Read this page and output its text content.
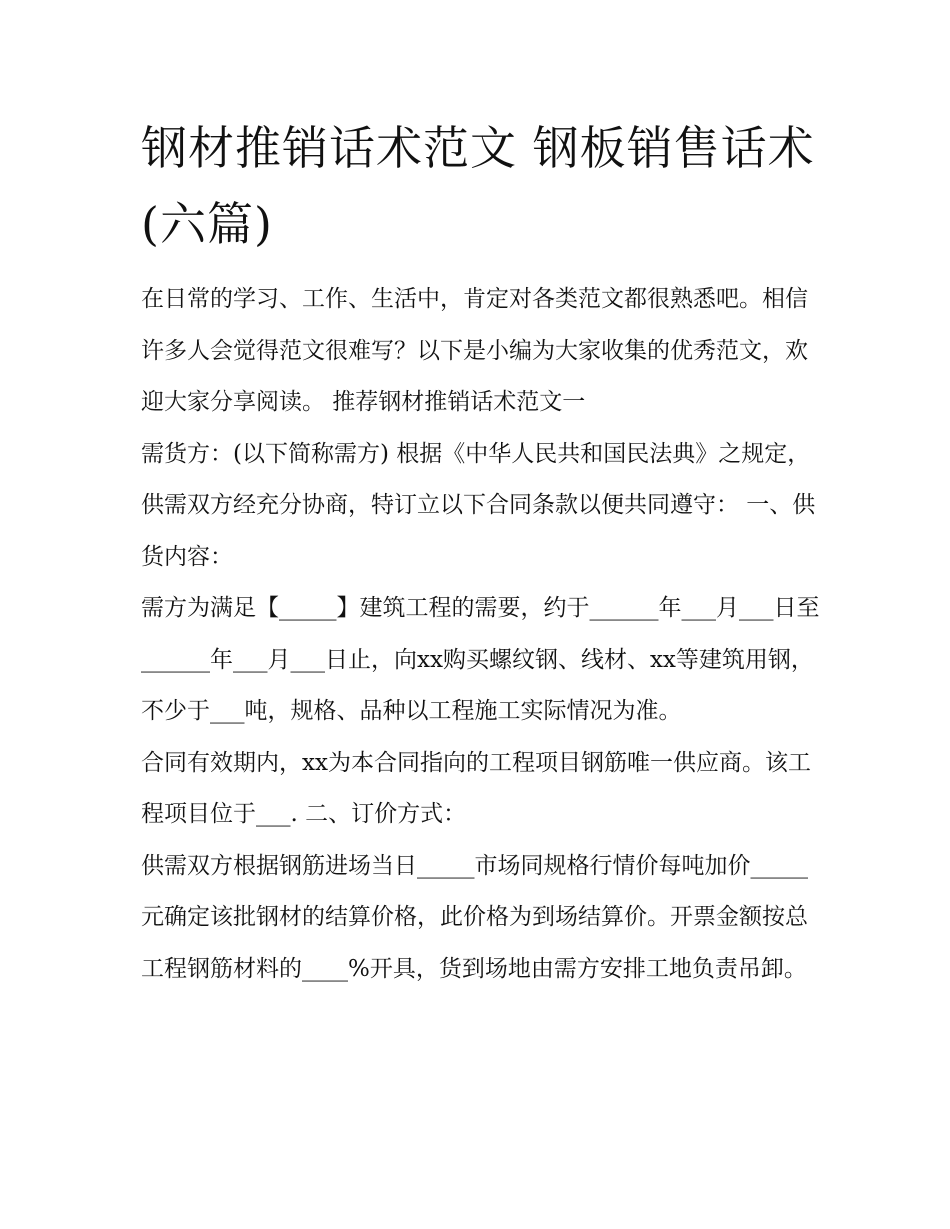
钢材推销话术范文 钢板销售话术(六篇)

在日常的学习、工作、生活中，肯定对各类范文都很熟悉吧。相信许多人会觉得范文很难写？以下是小编为大家收集的优秀范文，欢迎大家分享阅读。 推荐钢材推销话术范文一

需货方：(以下简称需方) 根据《中华人民共和国民法典》之规定，供需双方经充分协商，特订立以下合同条款以便共同遵守： 一、供货内容：

需方为满足【_____】建筑工程的需要，约于______年___月___日至______年___月___日止，向xx购买螺纹钢、线材、xx等建筑用钢，不少于___吨，规格、品种以工程施工实际情况为准。

合同有效期内，xx为本合同指向的工程项目钢筋唯一供应商。该工程项目位于___. 二、订价方式：

供需双方根据钢筋进场当日_____市场同规格行情价每吨加价_____元确定该批钢材的结算价格，此价格为到场结算价。开票金额按总工程钢筋材料的____%开具，货到场地由需方安排工地负责吊卸。
